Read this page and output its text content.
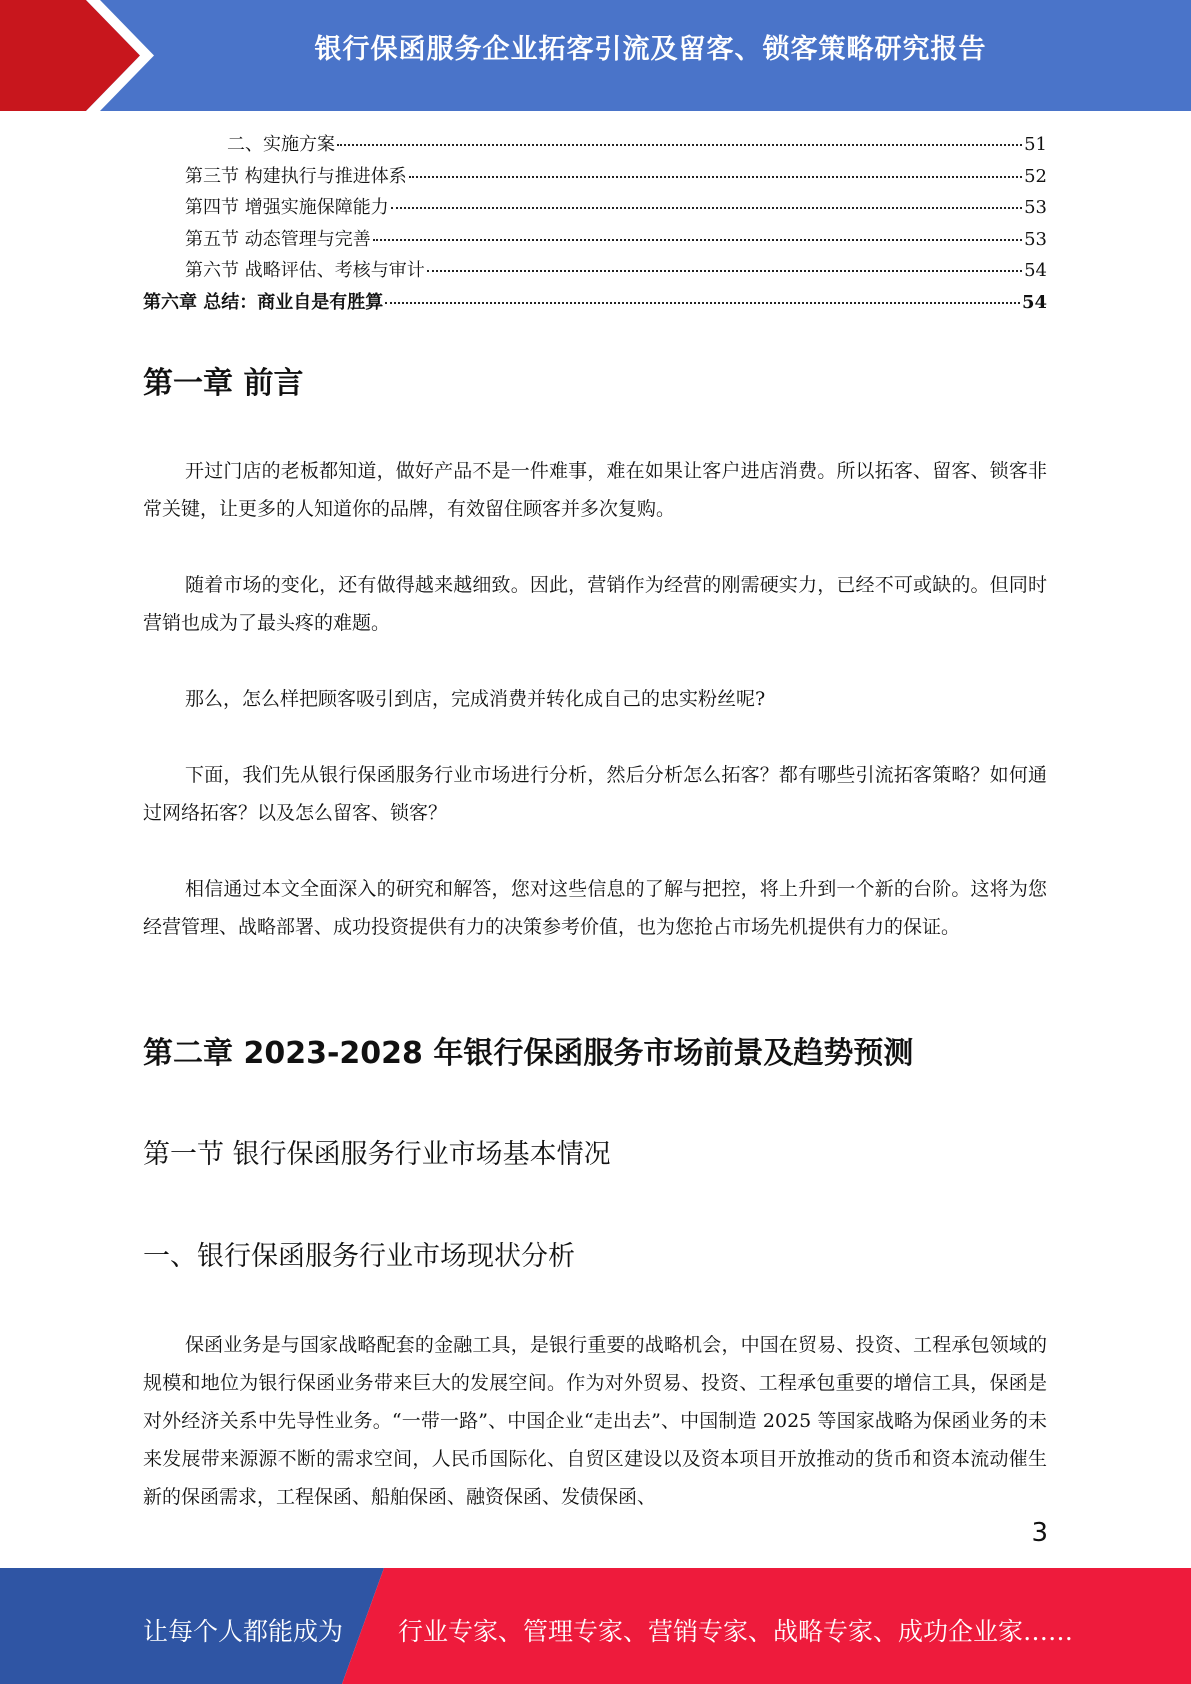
银行保函服务企业拓客引流及留客、锁客策略研究报告
二、实施方案	51
第三节 构建执行与推进体系	52
第四节 增强实施保障能力	53
第五节 动态管理与完善	53
第六节 战略评估、考核与审计	54
第六章 总结：商业自是有胜算	54
第一章 前言

开过门店的老板都知道，做好产品不是一件难事，难在如果让客户进店消费。所以拓客、留客、锁客非常关键，让更多的人知道你的品牌，有效留住顾客并多次复购。

随着市场的变化，还有做得越来越细致。因此，营销作为经营的刚需硬实力，已经不可或缺的。但同时营销也成为了最头疼的难题。

那么，怎么样把顾客吸引到店，完成消费并转化成自己的忠实粉丝呢?

下面，我们先从银行保函服务行业市场进行分析，然后分析怎么拓客？都有哪些引流拓客策略？如何通过网络拓客？以及怎么留客、锁客？

相信通过本文全面深入的研究和解答，您对这些信息的了解与把控，将上升到一个新的台阶。这将为您经营管理、战略部署、成功投资提供有力的决策参考价值，也为您抢占市场先机提供有力的保证。

第二章 2023-2028 年银行保函服务市场前景及趋势预测
第一节 银行保函服务行业市场基本情况
一、银行保函服务行业市场现状分析

保函业务是与国家战略配套的金融工具，是银行重要的战略机会，中国在贸易、投资、工程承包领域的规模和地位为银行保函业务带来巨大的发展空间。作为对外贸易、投资、工程承包重要的增信工具，保函是对外经济关系中先导性业务。“一带一路”、中国企业“走出去”、中国制造 2025 等国家战略为保函业务的未来发展带来源源不断的需求空间，人民币国际化、自贸区建设以及资本项目开放推动的货币和资本流动催生新的保函需求，工程保函、船舶保函、融资保函、发债保函、

3
让每个人都能成为 行业专家、管理专家、营销专家、战略专家、成功企业家……
